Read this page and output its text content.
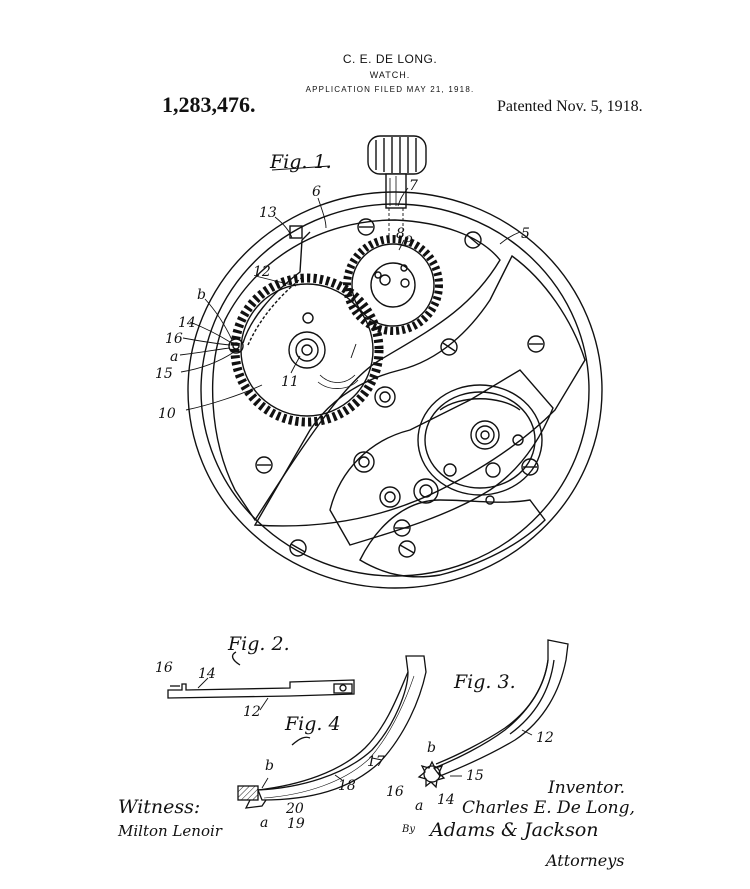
C. E. DE LONG.
WATCH.
APPLICATION FILED MAY 21, 1918.
1,283,476.	Patented Nov. 5, 1918.
5
6	7
8 9
10
11
12
13
14
15
16
a
b
Fig. 1.
Fig. 2.
16 14
12
Fig. 4
17
18
19
20
a
b
Fig. 3.
12
14
15
16
a
b
Witness:
Milton Lenoir
Inventor.
Charles E. De Long,
By Adams & Jackson
Attorneys
